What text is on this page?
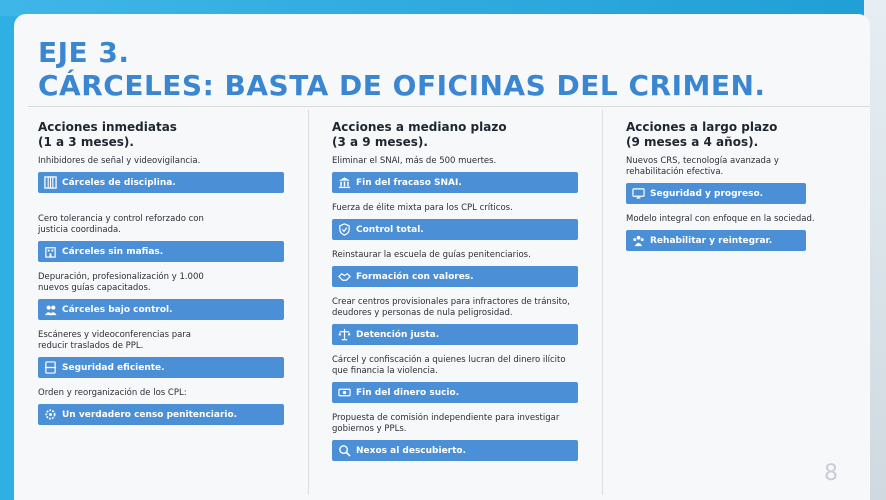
EJE 3.
CÁRCELES: BASTA DE OFICINAS DEL CRIMEN.
Acciones inmediatas
(1 a 3 meses).
Inhibidores de señal y videovigilancia.
Cárceles de disciplina.
Cero tolerancia y control reforzado con justicia coordinada.
Cárceles sin mafias.
Depuración, profesionalización y 1.000 nuevos guías capacitados.
Cárceles bajo control.
Escáneres y videoconferencias para reducir traslados de PPL.
Seguridad eficiente.
Orden y reorganización de los CPL:
Un verdadero censo penitenciario.
Acciones a mediano plazo
(3 a 9 meses).
Eliminar el SNAI, más de 500 muertes.
Fin del fracaso SNAI.
Fuerza de élite mixta para los CPL críticos.
Control total.
Reinstaurar la escuela de guías penitenciarios.
Formación con valores.
Crear centros provisionales para infractores de tránsito, deudores y personas de nula peligrosidad.
Detención justa.
Cárcel y confiscación a quienes lucran del dinero ilícito que financia la violencia.
Fin del dinero sucio.
Propuesta de comisión independiente para investigar gobiernos y PPLs.
Nexos al descubierto.
Acciones a largo plazo
(9 meses a 4 años).
Nuevos CRS, tecnología avanzada y rehabilitación efectiva.
Seguridad y progreso.
Modelo integral con enfoque en la sociedad.
Rehabilitar y reintegrar.
8
